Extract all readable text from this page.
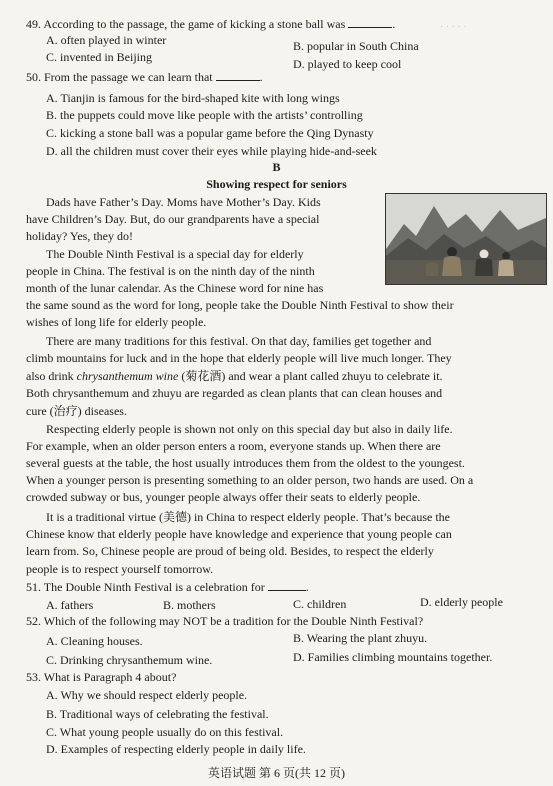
· · · · ·
49. According to the passage, the game of kicking a stone ball was	.
A. often played in winter	B. popular in South China
C. invented in Beijing	D. played to keep cool
50. From the passage we can learn that	.
A. Tianjin is famous for the bird-shaped kite with long wings
B. the puppets could move like people with the artists’ controlling
C. kicking a stone ball was a popular game before the Qing Dynasty
D. all the children must cover their eyes while playing hide-and-seek
B
Showing respect for seniors
Dads have Father’s Day. Moms have Mother’s Day. Kids
have Children’s Day. But, do our grandparents have a special
holiday? Yes, they do!
The Double Ninth Festival is a special day for elderly
people in China. The festival is on the ninth day of the ninth
month of the lunar calendar. As the Chinese word for nine has
the same sound as the word for long, people take the Double Ninth Festival to show their
wishes of long life for elderly people.
There are many traditions for this festival. On that day, families get together and
climb mountains for luck and in the hope that elderly people will live much longer. They
also drink chrysanthemum wine (菊花酒) and wear a plant called zhuyu to celebrate it.
Both chrysanthemum and zhuyu are regarded as clean plants that can clean houses and
cure (治疗) diseases.
Respecting elderly people is shown not only on this special day but also in daily life.
For example, when an older person enters a room, everyone stands up. When there are
several guests at the table, the host usually introduces them from the oldest to the youngest.
When a younger person is presenting something to an older person, two hands are used. On a
crowded subway or bus, younger people always offer their seats to elderly people.
It is a traditional virtue (美德) in China to respect elderly people. That’s because the
Chinese know that elderly people have knowledge and experience that young people can
learn from. So, Chinese people are proud of being old. Besides, to respect the elderly
people is to respect yourself tomorrow.
51. The Double Ninth Festival is a celebration for	.
A. fathers	B. mothers	C. children	D. elderly people
52. Which of the following may NOT be a tradition for the Double Ninth Festival?
A. Cleaning houses.	B. Wearing the plant zhuyu.
C. Drinking chrysanthemum wine.	D. Families climbing mountains together.
53. What is Paragraph 4 about?
A. Why we should respect elderly people.
B. Traditional ways of celebrating the festival.
C. What young people usually do on this festival.
D. Examples of respecting elderly people in daily life.
英语试题 第 6 页(共 12 页)
